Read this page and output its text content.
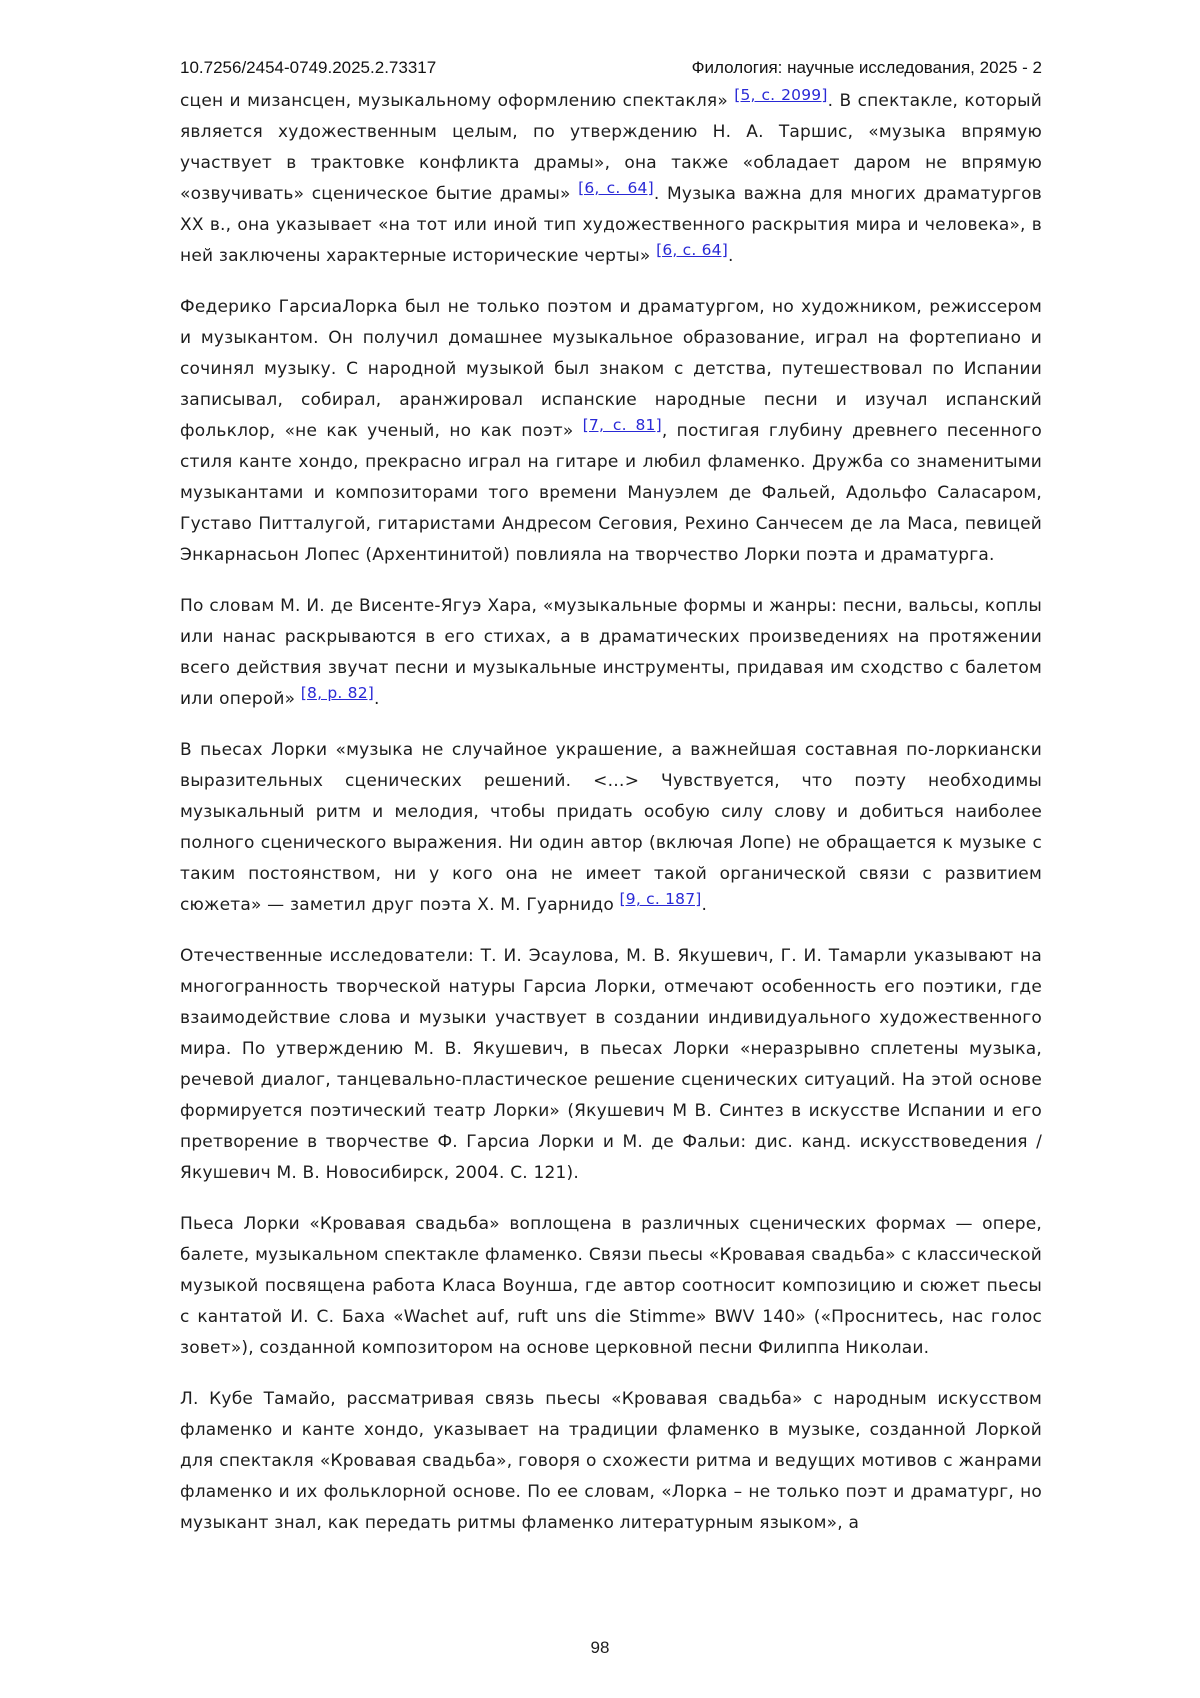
10.7256/2454-0749.2025.2.73317	Филология: научные исследования, 2025 - 2

сцен и мизансцен, музыкальному оформлению спектакля» [5, с. 2099]. В спектакле, который является художественным целым, по утверждению Н. А. Таршис, «музыка впрямую участвует в трактовке конфликта драмы», она также «обладает даром не впрямую «озвучивать» сценическое бытие драмы» [6, с. 64]. Музыка важна для многих драматургов XX в., она указывает «на тот или иной тип художественного раскрытия мира и человека», в ней заключены характерные исторические черты» [6, с. 64].

Федерико ГарсиаЛорка был не только поэтом и драматургом, но художником, режиссером и музыкантом. Он получил домашнее музыкальное образование, играл на фортепиано и сочинял музыку. С народной музыкой был знаком с детства, путешествовал по Испании записывал, собирал, аранжировал испанские народные песни и изучал испанский фольклор, «не как ученый, но как поэт» [7, с. 81], постигая глубину древнего песенного стиля канте хондо, прекрасно играл на гитаре и любил фламенко. Дружба со знаменитыми музыкантами и композиторами того времени Мануэлем де Фальей, Адольфо Саласаром, Густаво Питталугой, гитаристами Андресом Сеговия, Рехино Санчесем де ла Маса, певицей Энкарнасьон Лопес (Архентинитой) повлияла на творчество Лорки поэта и драматурга.

По словам М. И. де Висенте-Ягуэ Хара, «музыкальные формы и жанры: песни, вальсы, коплы или нанас раскрываются в его стихах, а в драматических произведениях на протяжении всего действия звучат песни и музыкальные инструменты, придавая им сходство с балетом или оперой» [8, p. 82].

В пьесах Лорки «музыка не случайное украшение, а важнейшая составная по-лоркиански выразительных сценических решений. <…> Чувствуется, что поэту необходимы музыкальный ритм и мелодия, чтобы придать особую силу слову и добиться наиболее полного сценического выражения. Ни один автор (включая Лопе) не обращается к музыке с таким постоянством, ни у кого она не имеет такой органической связи с развитием сюжета» — заметил друг поэта Х. М. Гуарнидо [9, с. 187].

Отечественные исследователи: Т. И. Эсаулова, М. В. Якушевич, Г. И. Тамарли указывают на многогранность творческой натуры Гарсиа Лорки, отмечают особенность его поэтики, где взаимодействие слова и музыки участвует в создании индивидуального художественного мира. По утверждению М. В. Якушевич, в пьесах Лорки «неразрывно сплетены музыка, речевой диалог, танцевально-пластическое решение сценических ситуаций. На этой основе формируется поэтический театр Лорки» (Якушевич М В. Синтез в искусстве Испании и его претворение в творчестве Ф. Гарсиа Лорки и М. де Фальи: дис. канд. искусствоведения / Якушевич М. В. Новосибирск, 2004. С. 121).

Пьеса Лорки «Кровавая свадьба» воплощена в различных сценических формах — опере, балете, музыкальном спектакле фламенко. Связи пьесы «Кровавая свадьба» с классической музыкой посвящена работа Класа Воунша, где автор соотносит композицию и сюжет пьесы с кантатой И. С. Баха «Wachet auf, ruft uns die Stimme» BWV 140» («Проснитесь, нас голос зовет»), созданной композитором на основе церковной песни Филиппа Николаи.

Л. Кубе Тамайо, рассматривая связь пьесы «Кровавая свадьба» с народным искусством фламенко и канте хондо, указывает на традиции фламенко в музыке, созданной Лоркой для спектакля «Кровавая свадьба», говоря о схожести ритма и ведущих мотивов с жанрами фламенко и их фольклорной основе. По ее словам, «Лорка – не только поэт и драматург, но музыкант знал, как передать ритмы фламенко литературным языком», а

98
